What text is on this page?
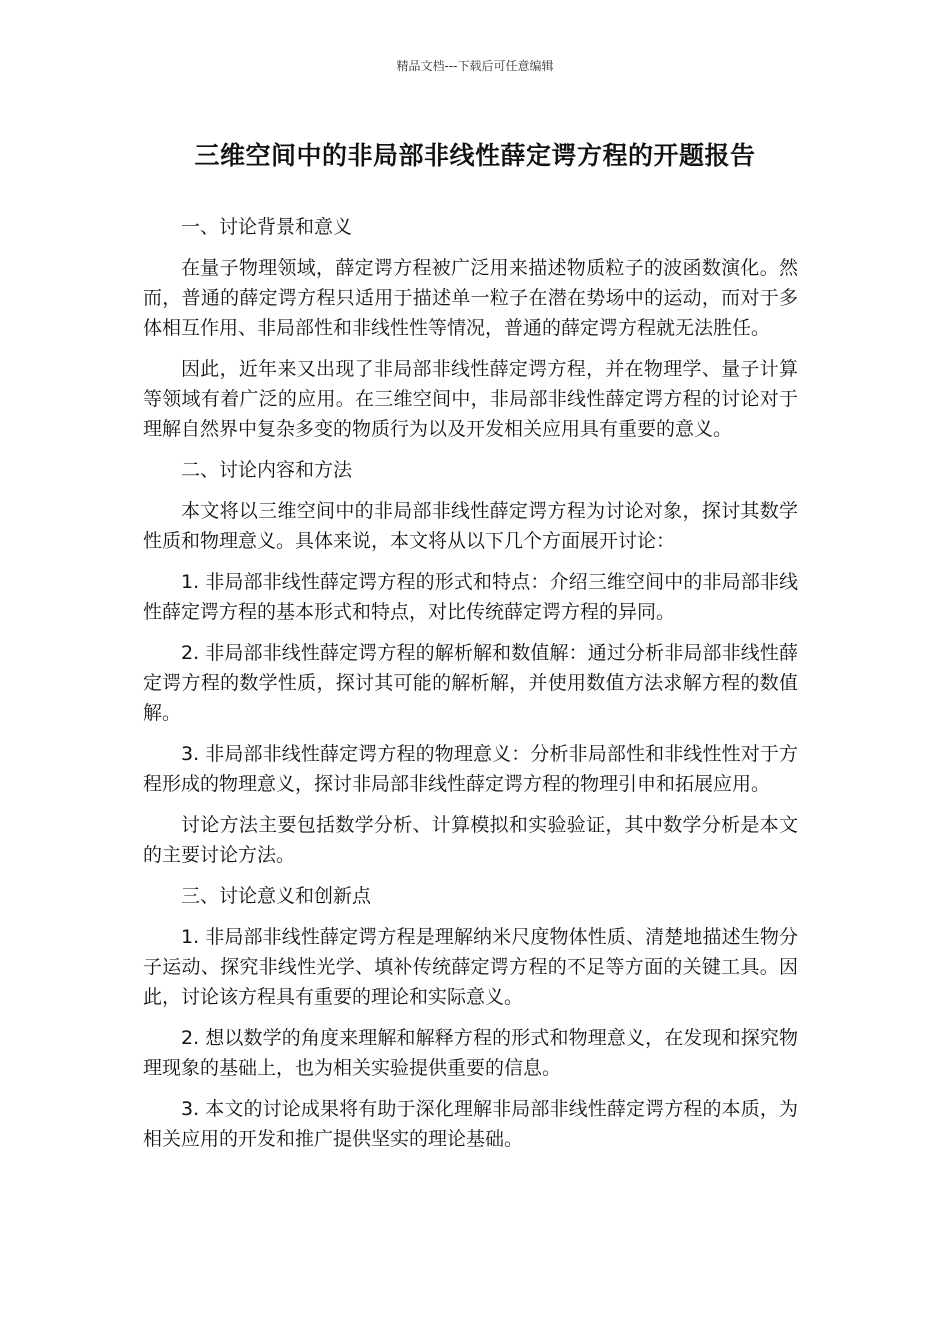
精品文档---下载后可任意编辑
三维空间中的非局部非线性薛定谔方程的开题报告

一、讨论背景和意义

在量子物理领域，薛定谔方程被广泛用来描述物质粒子的波函数演化。然而，普通的薛定谔方程只适用于描述单一粒子在潜在势场中的运动，而对于多体相互作用、非局部性和非线性性等情况，普通的薛定谔方程就无法胜任。

因此，近年来又出现了非局部非线性薛定谔方程，并在物理学、量子计算等领域有着广泛的应用。在三维空间中，非局部非线性薛定谔方程的讨论对于理解自然界中复杂多变的物质行为以及开发相关应用具有重要的意义。

二、讨论内容和方法

本文将以三维空间中的非局部非线性薛定谔方程为讨论对象，探讨其数学性质和物理意义。具体来说，本文将从以下几个方面展开讨论：

1. 非局部非线性薛定谔方程的形式和特点：介绍三维空间中的非局部非线性薛定谔方程的基本形式和特点，对比传统薛定谔方程的异同。

2. 非局部非线性薛定谔方程的解析解和数值解：通过分析非局部非线性薛定谔方程的数学性质，探讨其可能的解析解，并使用数值方法求解方程的数值解。

3. 非局部非线性薛定谔方程的物理意义：分析非局部性和非线性性对于方程形成的物理意义，探讨非局部非线性薛定谔方程的物理引申和拓展应用。

讨论方法主要包括数学分析、计算模拟和实验验证，其中数学分析是本文的主要讨论方法。

三、讨论意义和创新点

1. 非局部非线性薛定谔方程是理解纳米尺度物体性质、清楚地描述生物分子运动、探究非线性光学、填补传统薛定谔方程的不足等方面的关键工具。因此，讨论该方程具有重要的理论和实际意义。

2. 想以数学的角度来理解和解释方程的形式和物理意义，在发现和探究物理现象的基础上，也为相关实验提供重要的信息。

3. 本文的讨论成果将有助于深化理解非局部非线性薛定谔方程的本质，为相关应用的开发和推广提供坚实的理论基础。
